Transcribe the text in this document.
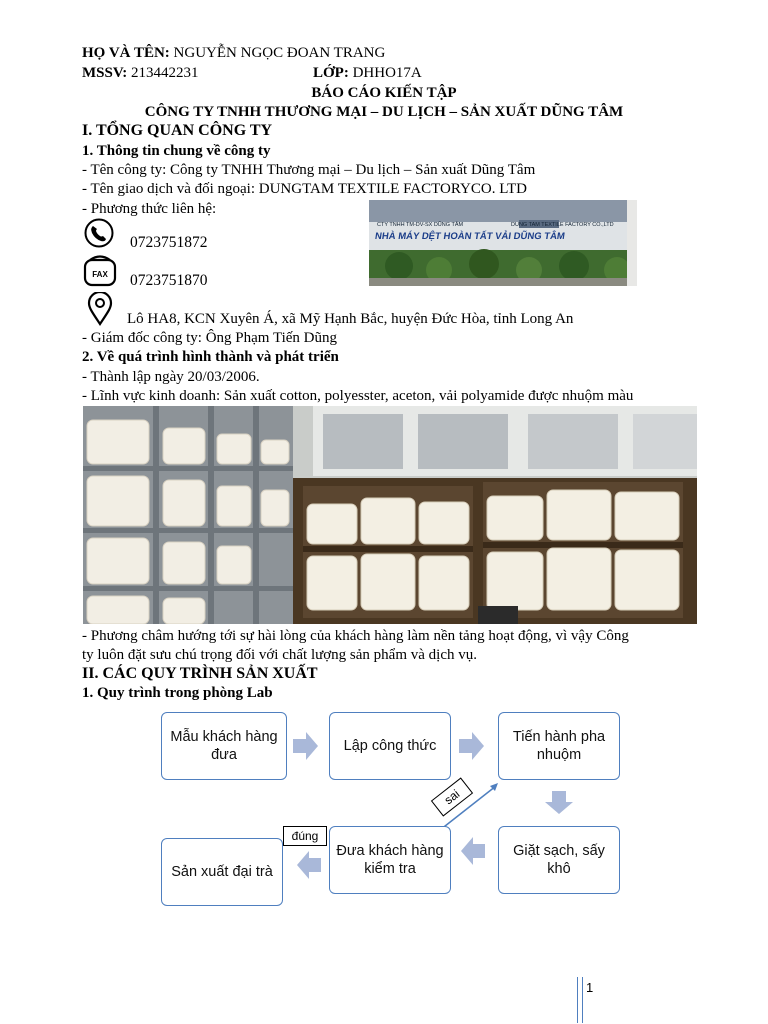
HỌ VÀ TÊN: NGUYỄN NGỌC ĐOAN TRANG
MSSV: 213442231	LỚP: DHHO17A
BÁO CÁO KIẾN TẬP
CÔNG TY TNHH THƯƠNG MẠI – DU LỊCH – SẢN XUẤT DŨNG TÂM
I. TỔNG QUAN CÔNG TY
1. Thông tin chung về công ty
- Tên công ty: Công ty TNHH Thương mại – Du lịch – Sản xuất Dũng Tâm
- Tên giao dịch và đối ngoại: DUNGTAM TEXTILE FACTORYCO. LTD
- Phương thức liên hệ:
0723751872
FAX 0723751870
Lô HA8, KCN Xuyên Á, xã Mỹ Hạnh Bắc, huyện Đức Hòa, tỉnh Long An
CTY TNHH TM-DV-SX DŨNG TÂM	DUNG TAM TEXTILE FACTORY CO.,LTD
NHÀ MÁY DỆT HOÀN TẤT VẢI DŨNG TÂM
- Giám đốc công ty: Ông Phạm Tiến Dũng
2. Về quá trình hình thành và phát triển
- Thành lập ngày 20/03/2006.
- Lĩnh vực kinh doanh: Sản xuất cotton, polyesster, aceton, vải polyamide được nhuộm màu
- Phương châm hướng tới sự hài lòng của khách hàng làm nền tảng hoạt động, vì vậy Công
ty luôn đặt sưu chú trọng đối với chất lượng sản phẩm và dịch vụ.
II. CÁC QUY TRÌNH SẢN XUẤT
1. Quy trình trong phòng Lab
Mẫu khách hàng đưa
Lập công thức
Tiến hành pha nhuộm
Giặt sạch, sấy khô
Đưa khách hàng kiểm tra
Sản xuất đại trà
sai
đúng
1
